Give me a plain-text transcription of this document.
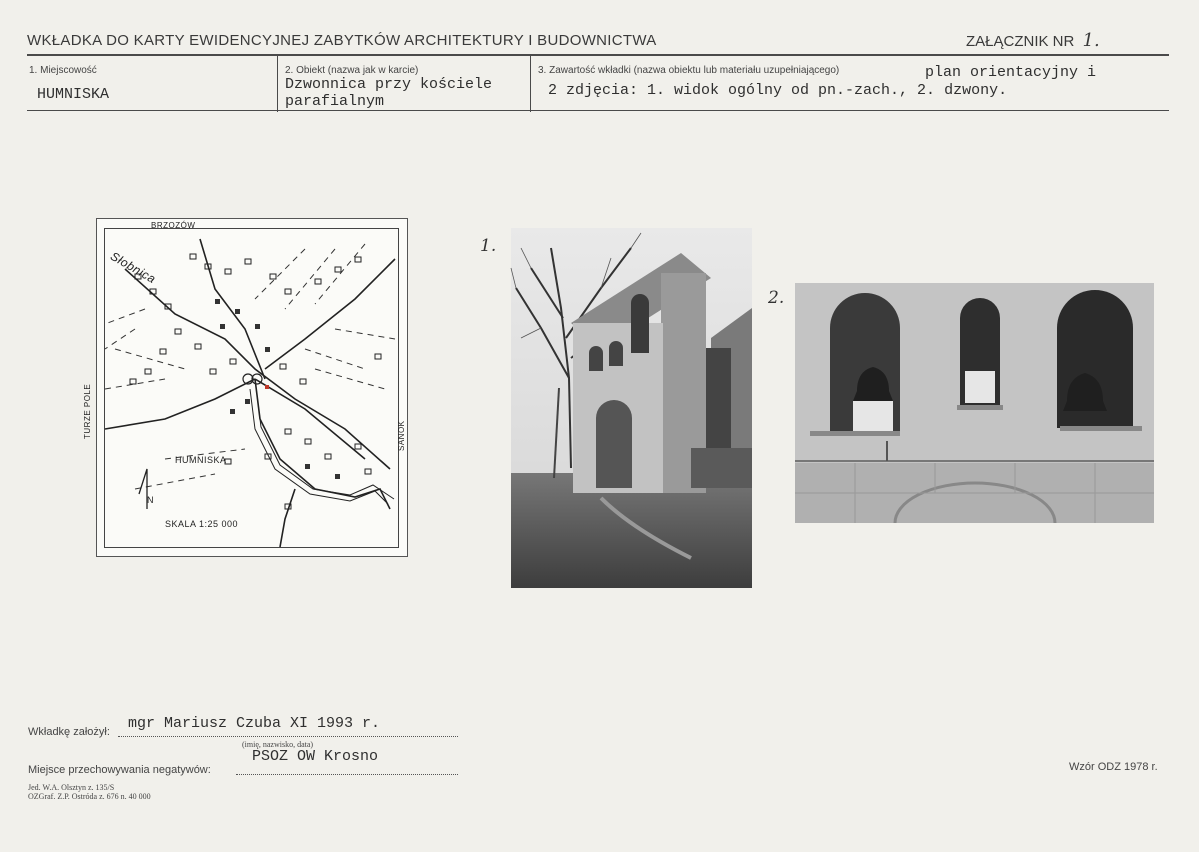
WKŁADKA DO KARTY EWIDENCYJNEJ ZABYTKÓW ARCHITEKTURY I BUDOWNICTWA	ZAŁĄCZNIK NR 1.
1. Miejscowość
HUMNISKA
2. Obiekt (nazwa jak w karcie)
Dzwonnica przy kościele
parafialnym
3. Zawartość wkładki (nazwa obiektu lub materiału uzupełniającego)	plan orientacyjny i
2 zdjęcia: 1. widok ogólny od pn.-zach., 2. dzwony.
BRZOZÓW
Słobnica
TURZE POLE	SANOK
HUMNISKA
N
SKALA 1:25 000
1.
2.
Wkładkę założył: mgr Mariusz Czuba XI 1993 r.
(imię, nazwisko, data)
Miejsce przechowywania negatywów:
PSOZ OW Krosno
Jed. W.A. Olsztyn z. 135/S
OZGraf. Z.P. Ostróda z. 676 n. 40 000
Wzór ODZ 1978 r.
